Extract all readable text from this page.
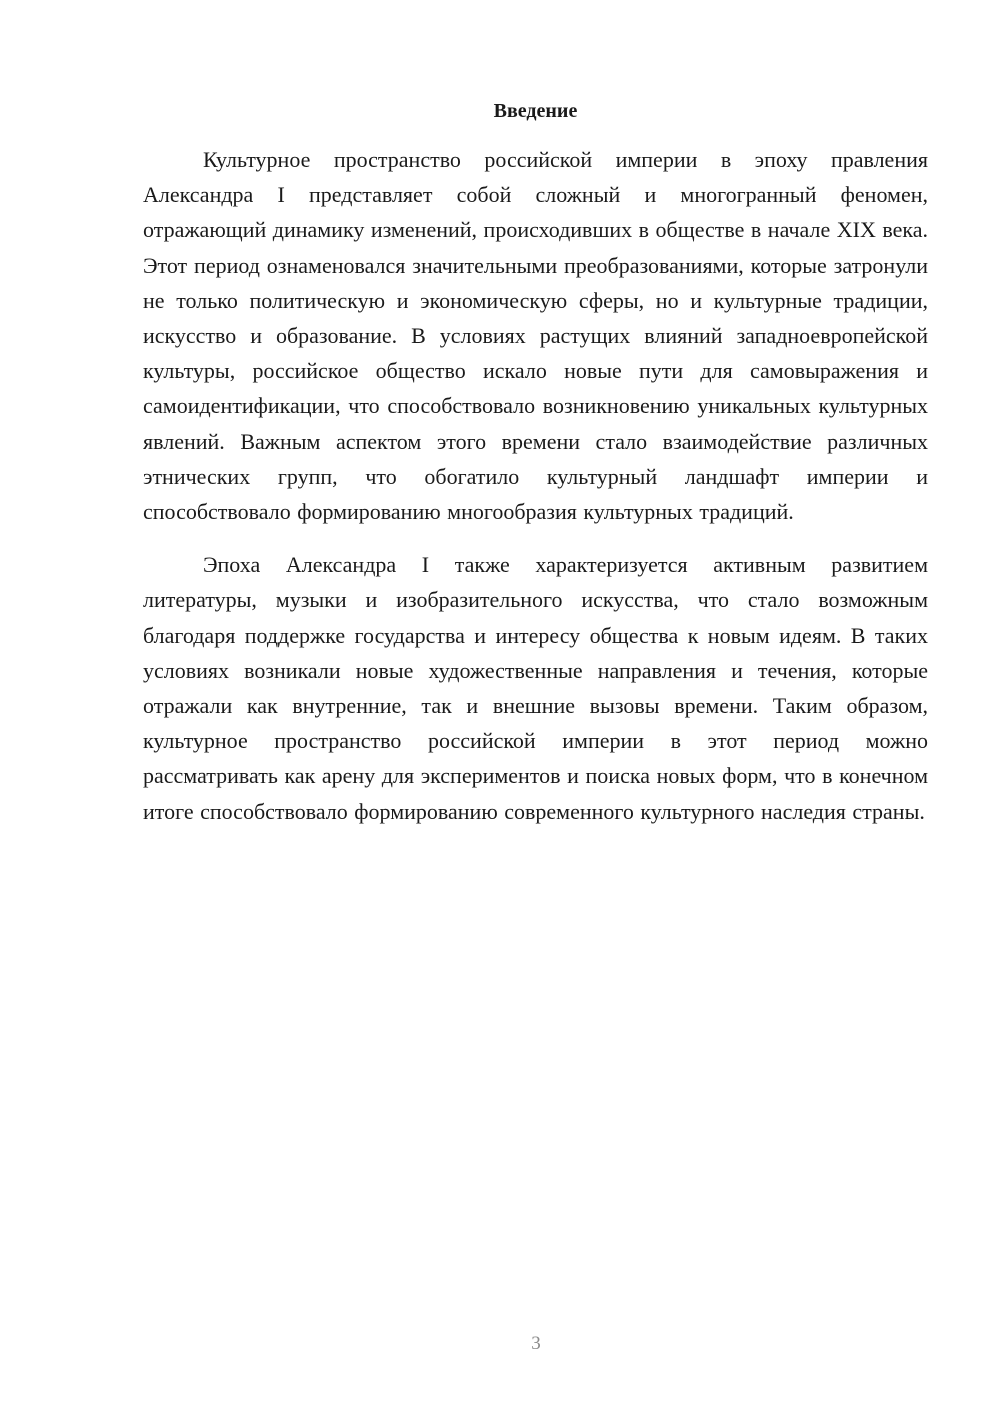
Введение

Культурное пространство российской империи в эпоху правления Александра I представляет собой сложный и многогранный феномен, отражающий динамику изменений, происходивших в обществе в начале XIX века. Этот период ознаменовался значительными преобразованиями, которые затронули не только политическую и экономическую сферы, но и культурные традиции, искусство и образование. В условиях растущих влияний западноевропейской культуры, российское общество искало новые пути для самовыражения и самоидентификации, что способствовало возникновению уникальных культурных явлений. Важным аспектом этого времени стало взаимодействие различных этнических групп, что обогатило культурный ландшафт империи и способствовало формированию многообразия культурных традиций.

Эпоха Александра I также характеризуется активным развитием литературы, музыки и изобразительного искусства, что стало возможным благодаря поддержке государства и интересу общества к новым идеям. В таких условиях возникали новые художественные направления и течения, которые отражали как внутренние, так и внешние вызовы времени. Таким образом, культурное пространство российской империи в этот период можно рассматривать как арену для экспериментов и поиска новых форм, что в конечном итоге способствовало формированию современного культурного наследия страны.

3
